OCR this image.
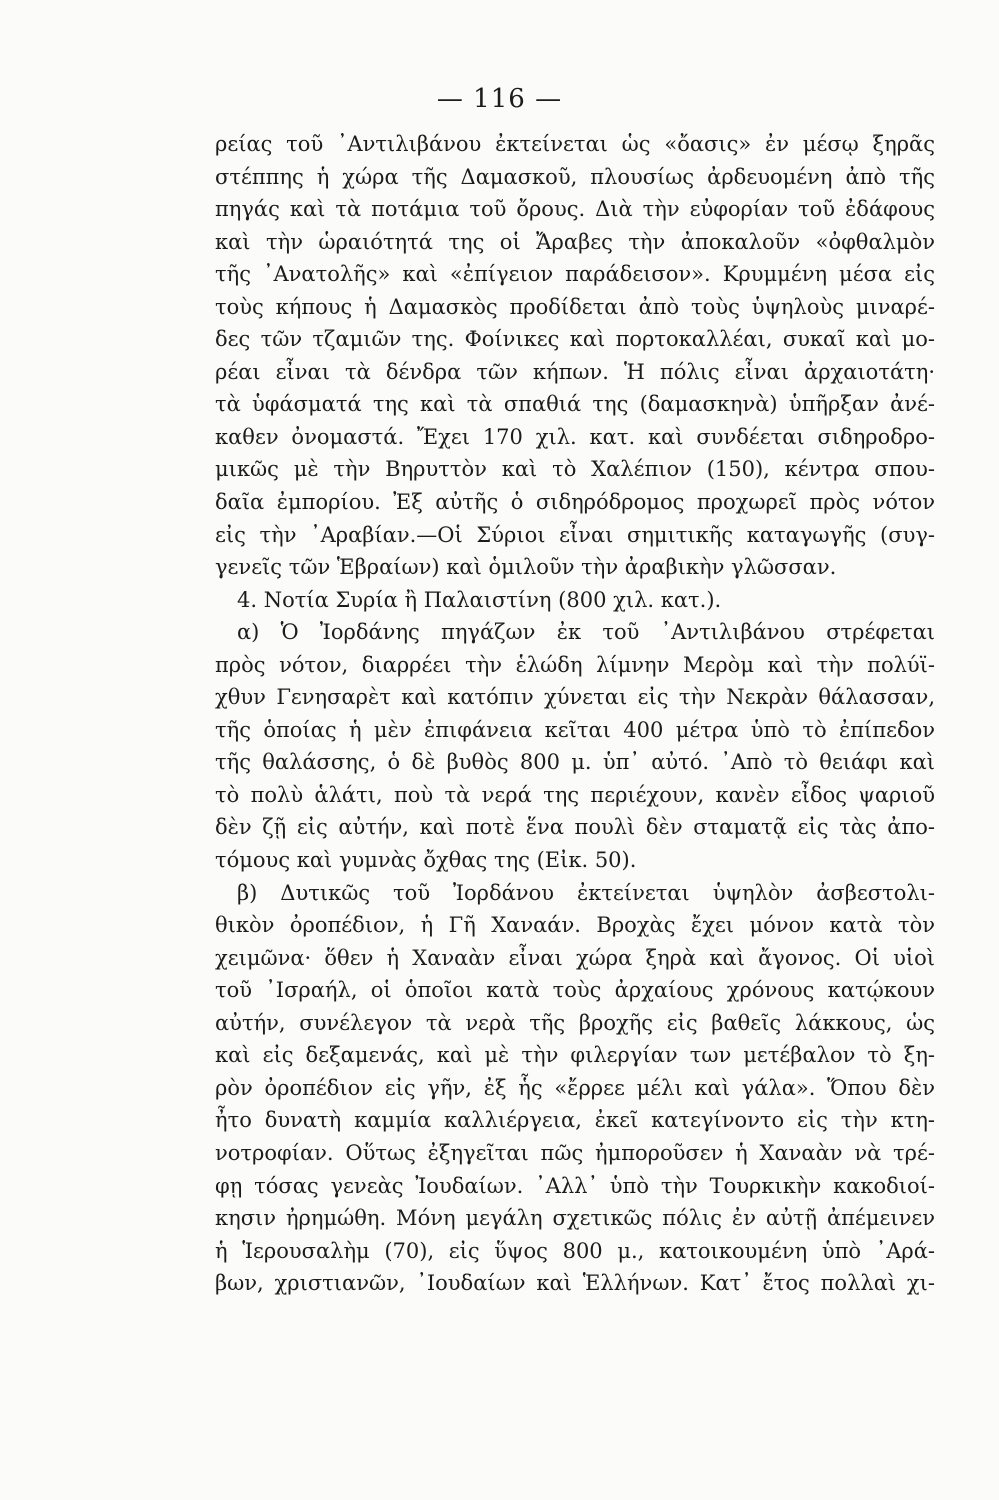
— 116 —
ρείας τοῦ ᾿Αντιλιβάνου ἐκτείνεται ὡς «ὄασις» ἐν μέσῳ ξηρᾶς
στέππης ἡ χώρα τῆς Δαμασκοῦ, πλουσίως ἀρδευομένη ἀπὸ τῆς
πηγάς καὶ τὰ ποτάμια τοῦ ὄρους. Διὰ τὴν εὐφορίαν τοῦ ἐδάφους
καὶ τὴν ὡραιότητά της οἱ Ἄραβες τὴν ἀποκαλοῦν «ὀφθαλμὸν
τῆς ᾿Ανατολῆς» καὶ «ἐπίγειον παράδεισον». Κρυμμένη μέσα εἰς
τοὺς κήπους ἡ Δαμασκὸς προδίδεται ἀπὸ τοὺς ὑψηλοὺς μιναρέ-
δες τῶν τζαμιῶν της. Φοίνικες καὶ πορτοκαλλέαι, συκαῖ καὶ μο-
ρέαι εἶναι τὰ δένδρα τῶν κήπων. Ἡ πόλις εἶναι ἀρχαιοτάτη·
τὰ ὑφάσματά της καὶ τὰ σπαθιά της (δαμασκηνὰ) ὑπῆρξαν ἀνέ-
καθεν ὀνομαστά. Ἔχει 170 χιλ. κατ. καὶ συνδέεται σιδηροδρο-
μικῶς μὲ τὴν Βηρυττὸν καὶ τὸ Χαλέπιον (150), κέντρα σπου-
δαῖα ἐμπορίου. Ἐξ αὐτῆς ὁ σιδηρόδρομος προχωρεῖ πρὸς νότον
εἰς τὴν ᾿Αραβίαν.—Οἱ Σύριοι εἶναι σημιτικῆς καταγωγῆς (συγ-
γενεῖς τῶν Ἑβραίων) καὶ ὁμιλοῦν τὴν ἀραβικὴν γλῶσσαν.
4. Νοτία Συρία ἢ Παλαιστίνη (800 χιλ. κατ.).
α) Ὁ Ἰορδάνης πηγάζων ἐκ τοῦ ᾿Αντιλιβάνου στρέφεται
πρὸς νότον, διαρρέει τὴν ἑλώδη λίμνην Μερὸμ καὶ τὴν πολύϊ-
χθυν Γενησαρὲτ καὶ κατόπιν χύνεται εἰς τὴν Νεκρὰν θάλασσαν,
τῆς ὁποίας ἡ μὲν ἐπιφάνεια κεῖται 400 μέτρα ὑπὸ τὸ ἐπίπεδον
τῆς θαλάσσης, ὁ δὲ βυθὸς 800 μ. ὑπ᾿ αὐτό. ᾿Απὸ τὸ θειάφι καὶ
τὸ πολὺ ἁλάτι, ποὺ τὰ νερά της περιέχουν, κανὲν εἶδος ψαριοῦ
δὲν ζῇ εἰς αὐτήν, καὶ ποτὲ ἕνα πουλὶ δὲν σταματᾷ εἰς τὰς ἀπο-
τόμους καὶ γυμνὰς ὄχθας της (Εἰκ. 50).
β) Δυτικῶς τοῦ Ἰορδάνου ἐκτείνεται ὑψηλὸν ἀσβεστολι-
θικὸν ὀροπέδιον, ἡ Γῆ Χαναάν. Βροχὰς ἔχει μόνον κατὰ τὸν
χειμῶνα· ὅθεν ἡ Χαναὰν εἶναι χώρα ξηρὰ καὶ ἄγονος. Οἱ υἱοὶ
τοῦ ᾿Ισραήλ, οἱ ὁποῖοι κατὰ τοὺς ἀρχαίους χρόνους κατῴκουν
αὐτήν, συνέλεγον τὰ νερὰ τῆς βροχῆς εἰς βαθεῖς λάκκους, ὡς
καὶ εἰς δεξαμενάς, καὶ μὲ τὴν φιλεργίαν των μετέβαλον τὸ ξη-
ρὸν ὀροπέδιον εἰς γῆν, ἐξ ἧς «ἔρρεε μέλι καὶ γάλα». Ὅπου δὲν
ἦτο δυνατὴ καμμία καλλιέργεια, ἐκεῖ κατεγίνοντο εἰς τὴν κτη-
νοτροφίαν. Οὕτως ἐξηγεῖται πῶς ἠμποροῦσεν ἡ Χαναὰν νὰ τρέ-
φῃ τόσας γενεὰς Ἰουδαίων. ᾿Αλλ᾿ ὑπὸ τὴν Τουρκικὴν κακοδιοί-
κησιν ἠρημώθη. Μόνη μεγάλη σχετικῶς πόλις ἐν αὐτῇ ἀπέμεινεν
ἡ Ἱερουσαλὴμ (70), εἰς ὕψος 800 μ., κατοικουμένη ὑπὸ ᾿Αρά-
βων, χριστιανῶν, ᾿Ιουδαίων καὶ Ἑλλήνων. Κατ᾿ ἔτος πολλαὶ χι-
